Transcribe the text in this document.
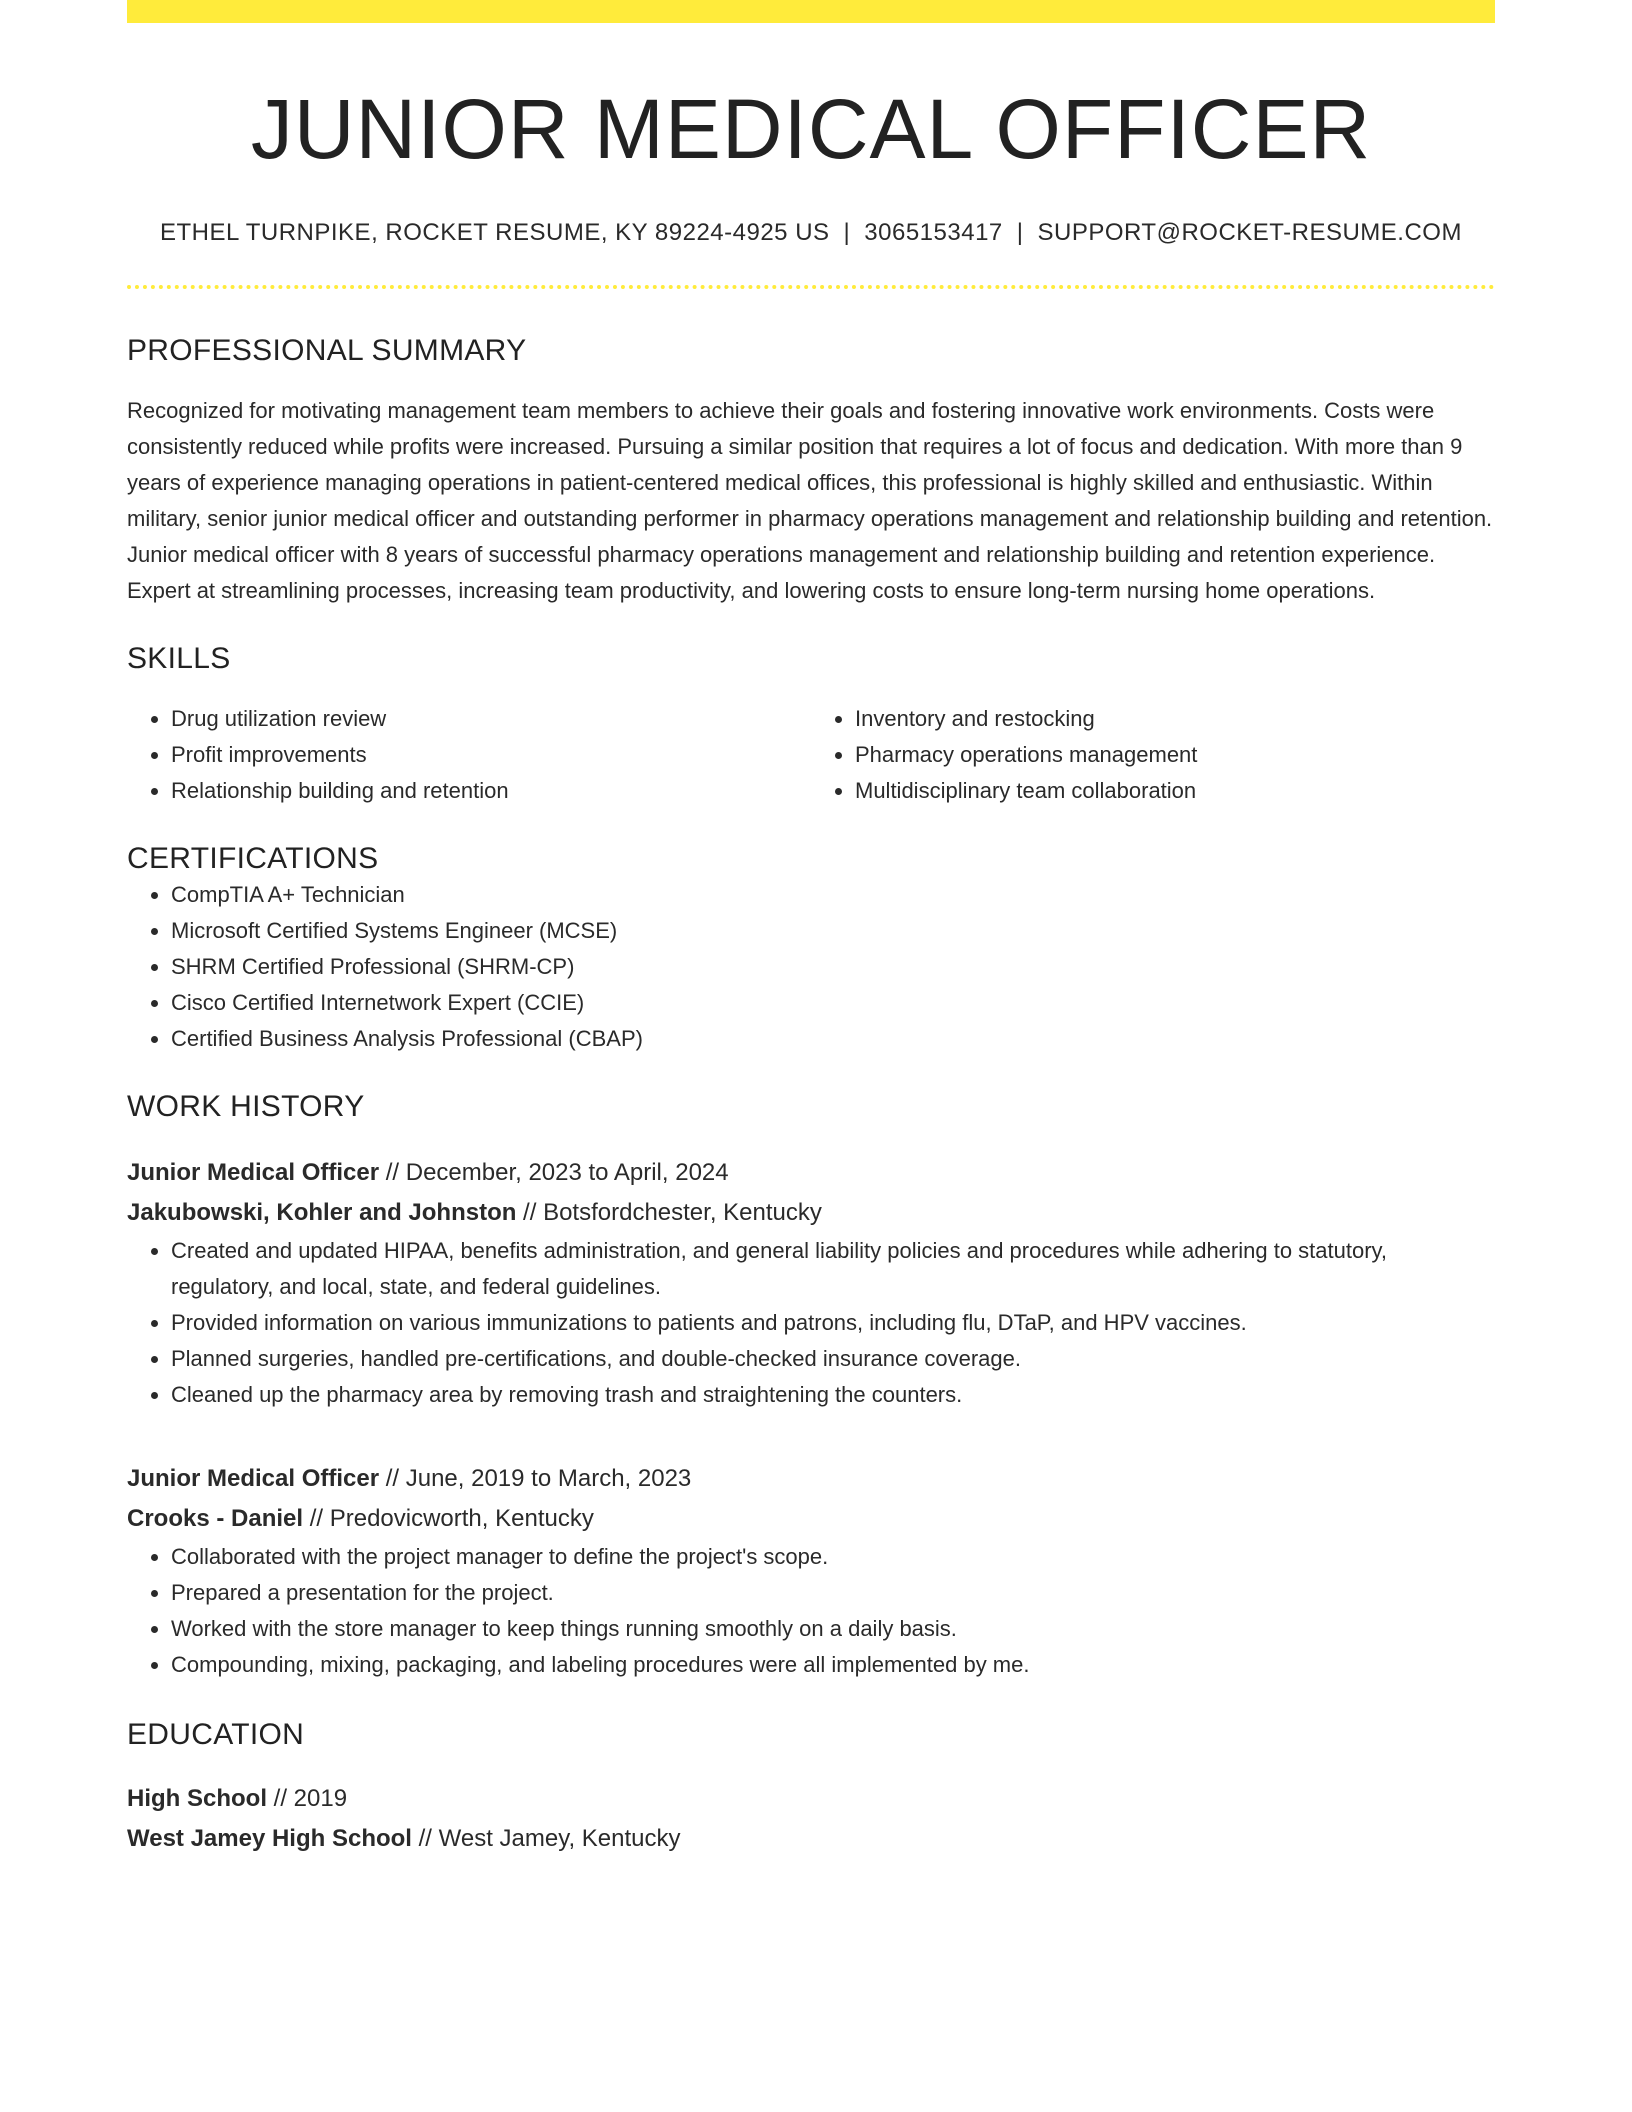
JUNIOR MEDICAL OFFICER
ETHEL TURNPIKE, ROCKET RESUME, KY 89224-4925 US | 3065153417 | SUPPORT@ROCKET-RESUME.COM
PROFESSIONAL SUMMARY
Recognized for motivating management team members to achieve their goals and fostering innovative work environments. Costs were consistently reduced while profits were increased. Pursuing a similar position that requires a lot of focus and dedication. With more than 9 years of experience managing operations in patient-centered medical offices, this professional is highly skilled and enthusiastic. Within military, senior junior medical officer and outstanding performer in pharmacy operations management and relationship building and retention. Junior medical officer with 8 years of successful pharmacy operations management and relationship building and retention experience. Expert at streamlining processes, increasing team productivity, and lowering costs to ensure long-term nursing home operations.
SKILLS
• Drug utilization review
• Profit improvements
• Relationship building and retention
• Inventory and restocking
• Pharmacy operations management
• Multidisciplinary team collaboration
CERTIFICATIONS
• CompTIA A+ Technician
• Microsoft Certified Systems Engineer (MCSE)
• SHRM Certified Professional (SHRM-CP)
• Cisco Certified Internetwork Expert (CCIE)
• Certified Business Analysis Professional (CBAP)
WORK HISTORY
Junior Medical Officer // December, 2023 to April, 2024
Jakubowski, Kohler and Johnston // Botsfordchester, Kentucky
• Created and updated HIPAA, benefits administration, and general liability policies and procedures while adhering to statutory, regulatory, and local, state, and federal guidelines.
• Provided information on various immunizations to patients and patrons, including flu, DTaP, and HPV vaccines.
• Planned surgeries, handled pre-certifications, and double-checked insurance coverage.
• Cleaned up the pharmacy area by removing trash and straightening the counters.
Junior Medical Officer // June, 2019 to March, 2023
Crooks - Daniel // Predovicworth, Kentucky
• Collaborated with the project manager to define the project's scope.
• Prepared a presentation for the project.
• Worked with the store manager to keep things running smoothly on a daily basis.
• Compounding, mixing, packaging, and labeling procedures were all implemented by me.
EDUCATION
High School // 2019
West Jamey High School // West Jamey, Kentucky
